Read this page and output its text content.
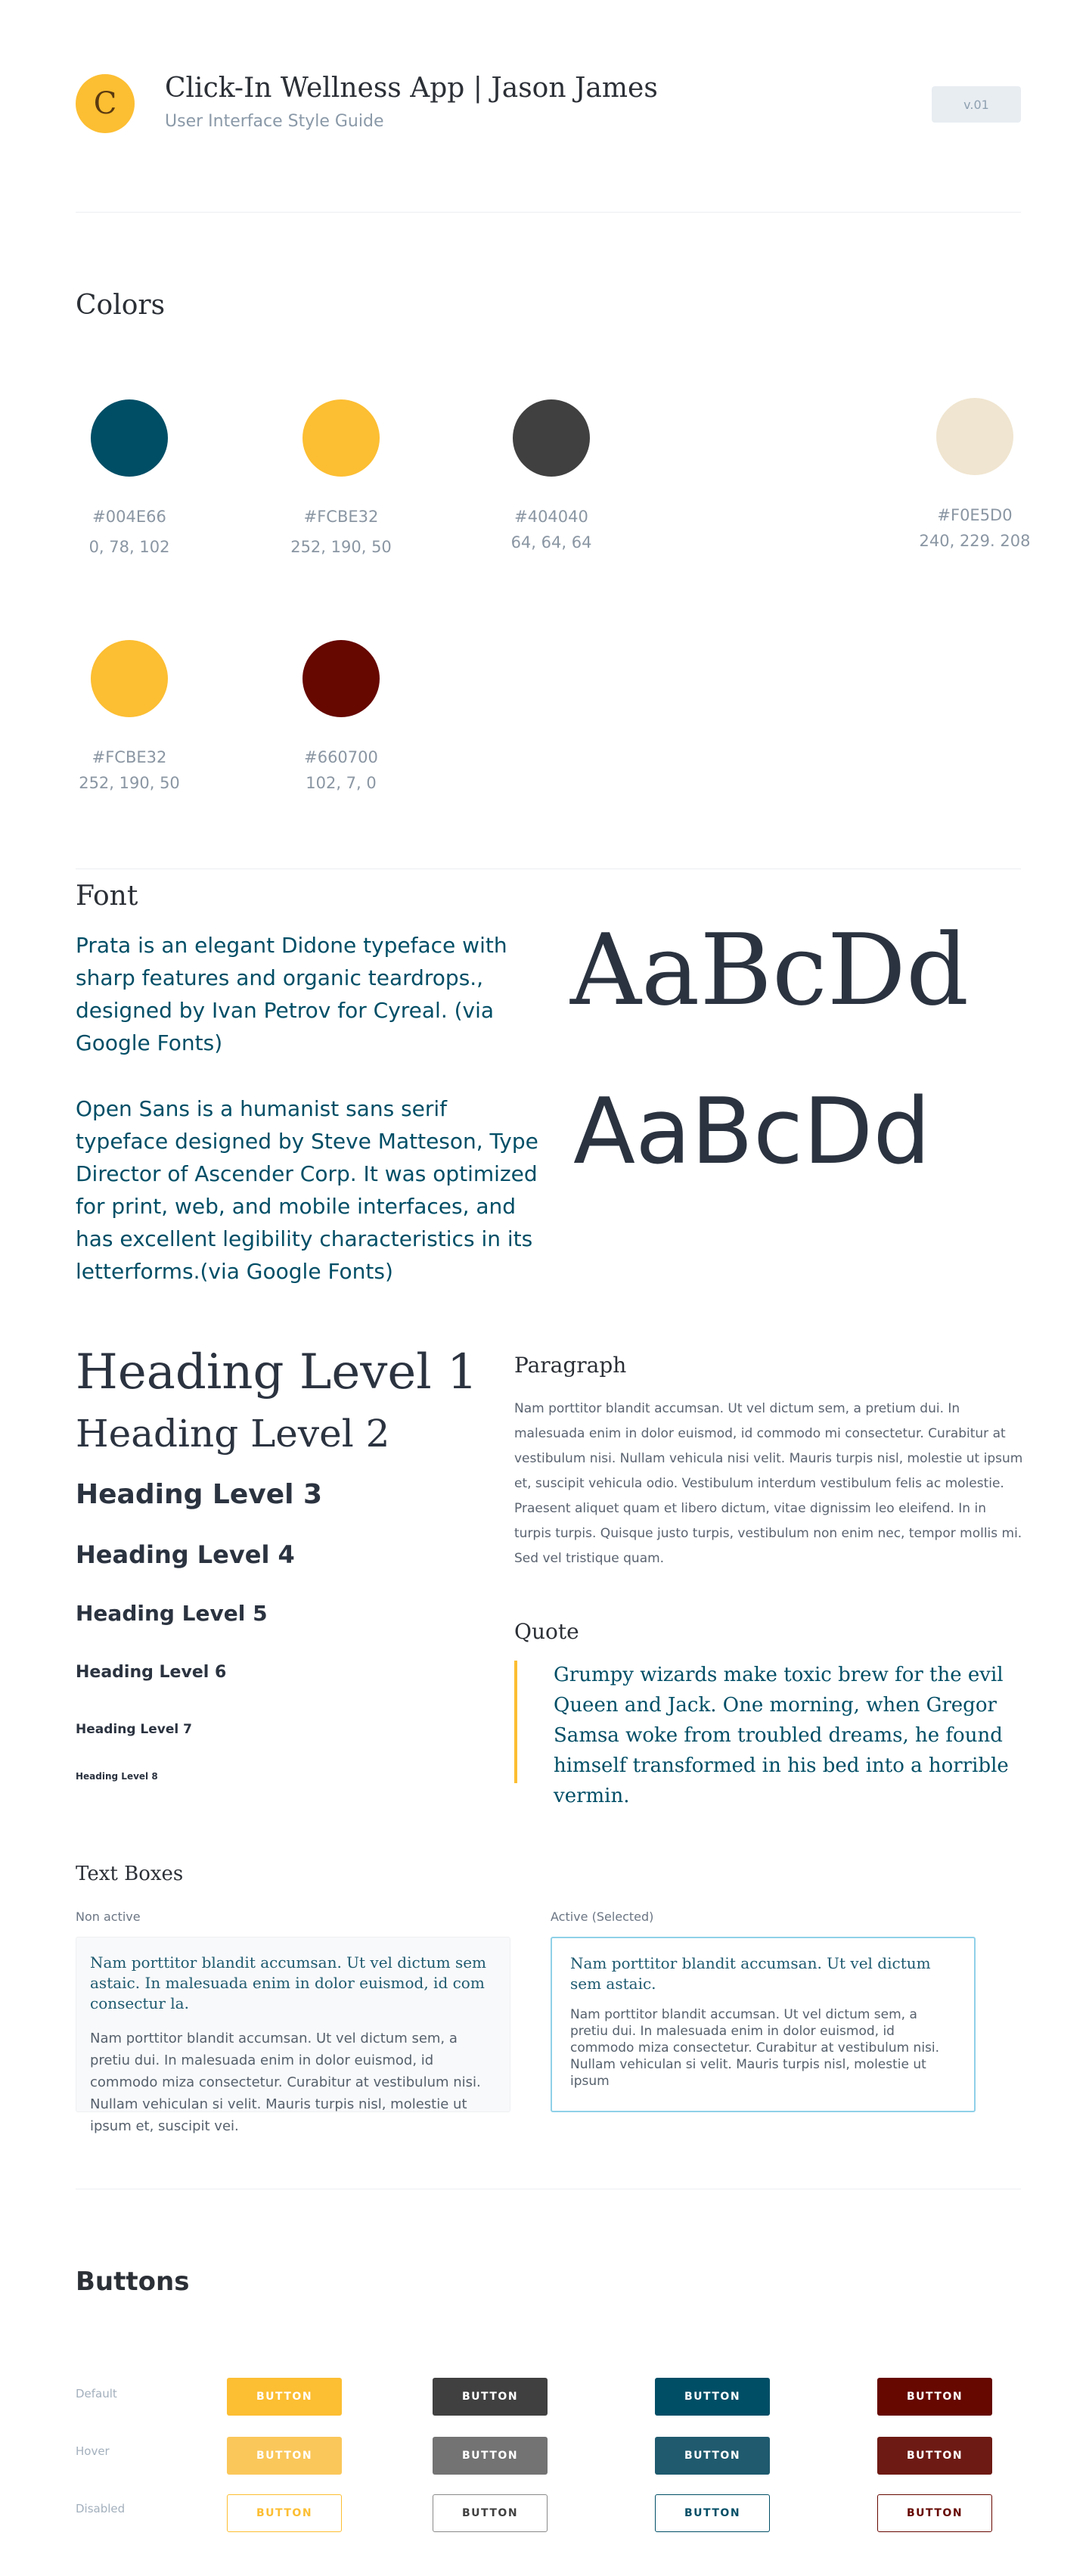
C Click-In Wellness App | Jason James
User Interface Style Guide
v.01
Colors
#004E66
0, 78, 102
#FCBE32
252, 190, 50
#404040
64, 64, 64
#F0E5D0
240, 229. 208
#FCBE32
252, 190, 50
#660700
102, 7, 0
Font
Prata is an elegant Didone typeface with sharp features and organic teardrops., designed by Ivan Petrov for Cyreal. (via Google Fonts)
Open Sans is a humanist sans serif typeface designed by Steve Matteson, Type Director of Ascender Corp. It was optimized for print, web, and mobile interfaces, and has excellent legibility characteristics in its letterforms.(via Google Fonts)
AaBcDd
AaBcDd
Heading Level 1
Heading Level 2
Heading Level 3
Heading Level 4
Heading Level 5
Heading Level 6
Heading Level 7
Heading Level 8
Paragraph
Nam porttitor blandit accumsan. Ut vel dictum sem, a pretium dui. In malesuada enim in dolor euismod, id commodo mi consectetur. Curabitur at vestibulum nisi. Nullam vehicula nisi velit. Mauris turpis nisl, molestie ut ipsum et, suscipit vehicula odio. Vestibulum interdum vestibulum felis ac molestie. Praesent aliquet quam et libero dictum, vitae dignissim leo eleifend. In in turpis turpis. Quisque justo turpis, vestibulum non enim nec, tempor mollis mi. Sed vel tristique quam.
Quote
Grumpy wizards make toxic brew for the evil Queen and Jack. One morning, when Gregor Samsa woke from troubled dreams, he found himself transformed in his bed into a horrible vermin.
Text Boxes
Non active	Active (Selected)
Nam porttitor blandit accumsan. Ut vel dictum sem astaic. In malesuada enim in dolor euismod, id com consectur la.
Nam porttitor blandit accumsan. Ut vel dictum sem, a pretiu dui. In malesuada enim in dolor euismod, id commodo miza consectetur. Curabitur at vestibulum nisi. Nullam vehiculan si velit. Mauris turpis nisl, molestie ut ipsum et, suscipit vei.
Nam porttitor blandit accumsan. Ut vel dictum sem astaic.
Nam porttitor blandit accumsan. Ut vel dictum sem, a pretiu dui. In malesuada enim in dolor euismod, id commodo miza consectetur. Curabitur at vestibulum nisi. Nullam vehiculan si velit. Mauris turpis nisl, molestie ut ipsum
Buttons
Default
Hover
Disabled
BUTTON
BUTTON
BUTTON
BUTTON
BUTTON
BUTTON
BUTTON
BUTTON
BUTTON
BUTTON
BUTTON
BUTTON
